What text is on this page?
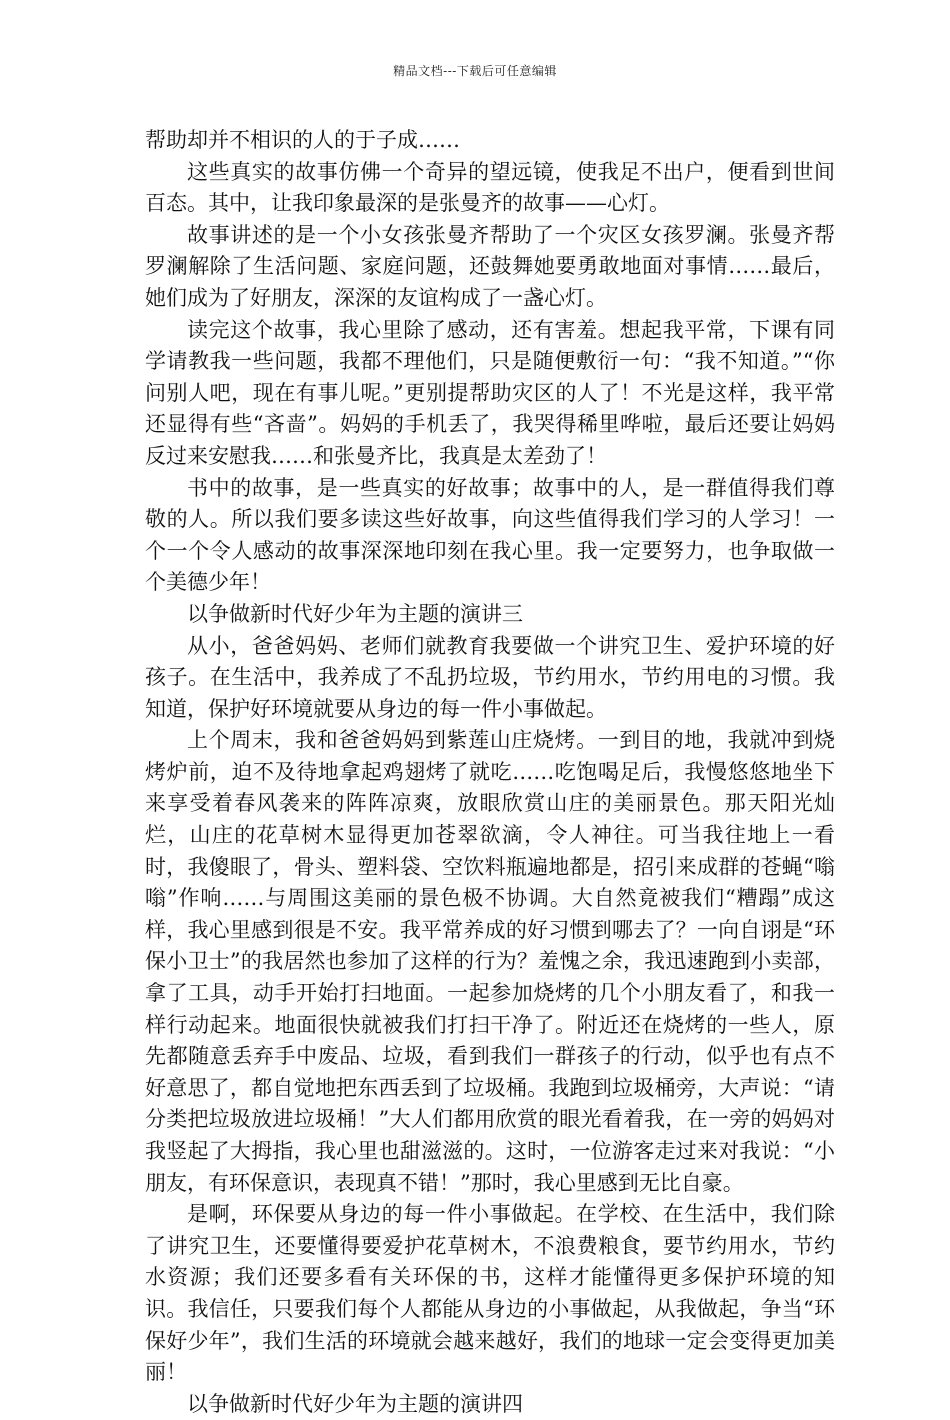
精品文档---下载后可任意编辑

帮助却并不相识的人的于子成……

这些真实的故事仿佛一个奇异的望远镜，使我足不出户，便看到世间百态。其中，让我印象最深的是张曼齐的故事——心灯。

故事讲述的是一个小女孩张曼齐帮助了一个灾区女孩罗澜。张曼齐帮罗澜解除了生活问题、家庭问题，还鼓舞她要勇敢地面对事情……最后，她们成为了好朋友，深深的友谊构成了一盏心灯。

读完这个故事，我心里除了感动，还有害羞。想起我平常，下课有同学请教我一些问题，我都不理他们，只是随便敷衍一句：“我不知道。”“你问别人吧，现在有事儿呢。”更别提帮助灾区的人了！不光是这样，我平常还显得有些“吝啬”。妈妈的手机丢了，我哭得稀里哗啦，最后还要让妈妈反过来安慰我……和张曼齐比，我真是太差劲了！

书中的故事，是一些真实的好故事；故事中的人，是一群值得我们尊敬的人。所以我们要多读这些好故事，向这些值得我们学习的人学习！一个一个令人感动的故事深深地印刻在我心里。我一定要努力，也争取做一个美德少年！

以争做新时代好少年为主题的演讲三

从小，爸爸妈妈、老师们就教育我要做一个讲究卫生、爱护环境的好孩子。在生活中，我养成了不乱扔垃圾，节约用水，节约用电的习惯。我知道，保护好环境就要从身边的每一件小事做起。

上个周末，我和爸爸妈妈到紫莲山庄烧烤。一到目的地，我就冲到烧烤炉前，迫不及待地拿起鸡翅烤了就吃……吃饱喝足后，我慢悠悠地坐下来享受着春风袭来的阵阵凉爽，放眼欣赏山庄的美丽景色。那天阳光灿烂，山庄的花草树木显得更加苍翠欲滴，令人神往。可当我往地上一看时，我傻眼了，骨头、塑料袋、空饮料瓶遍地都是，招引来成群的苍蝇“嗡嗡”作响……与周围这美丽的景色极不协调。大自然竟被我们“糟蹋”成这样，我心里感到很是不安。我平常养成的好习惯到哪去了？一向自诩是“环保小卫士”的我居然也参加了这样的行为？羞愧之余，我迅速跑到小卖部，拿了工具，动手开始打扫地面。一起参加烧烤的几个小朋友看了，和我一样行动起来。地面很快就被我们打扫干净了。附近还在烧烤的一些人，原先都随意丢弃手中废品、垃圾，看到我们一群孩子的行动，似乎也有点不好意思了，都自觉地把东西丢到了垃圾桶。我跑到垃圾桶旁，大声说：“请分类把垃圾放进垃圾桶！”大人们都用欣赏的眼光看着我，在一旁的妈妈对我竖起了大拇指，我心里也甜滋滋的。这时，一位游客走过来对我说：“小朋友，有环保意识，表现真不错！”那时，我心里感到无比自豪。

是啊，环保要从身边的每一件小事做起。在学校、在生活中，我们除了讲究卫生，还要懂得要爱护花草树木，不浪费粮食，要节约用水，节约水资源；我们还要多看有关环保的书，这样才能懂得更多保护环境的知识。我信任，只要我们每个人都能从身边的小事做起，从我做起，争当“环保好少年”，我们生活的环境就会越来越好，我们的地球一定会变得更加美丽！

以争做新时代好少年为主题的演讲四
